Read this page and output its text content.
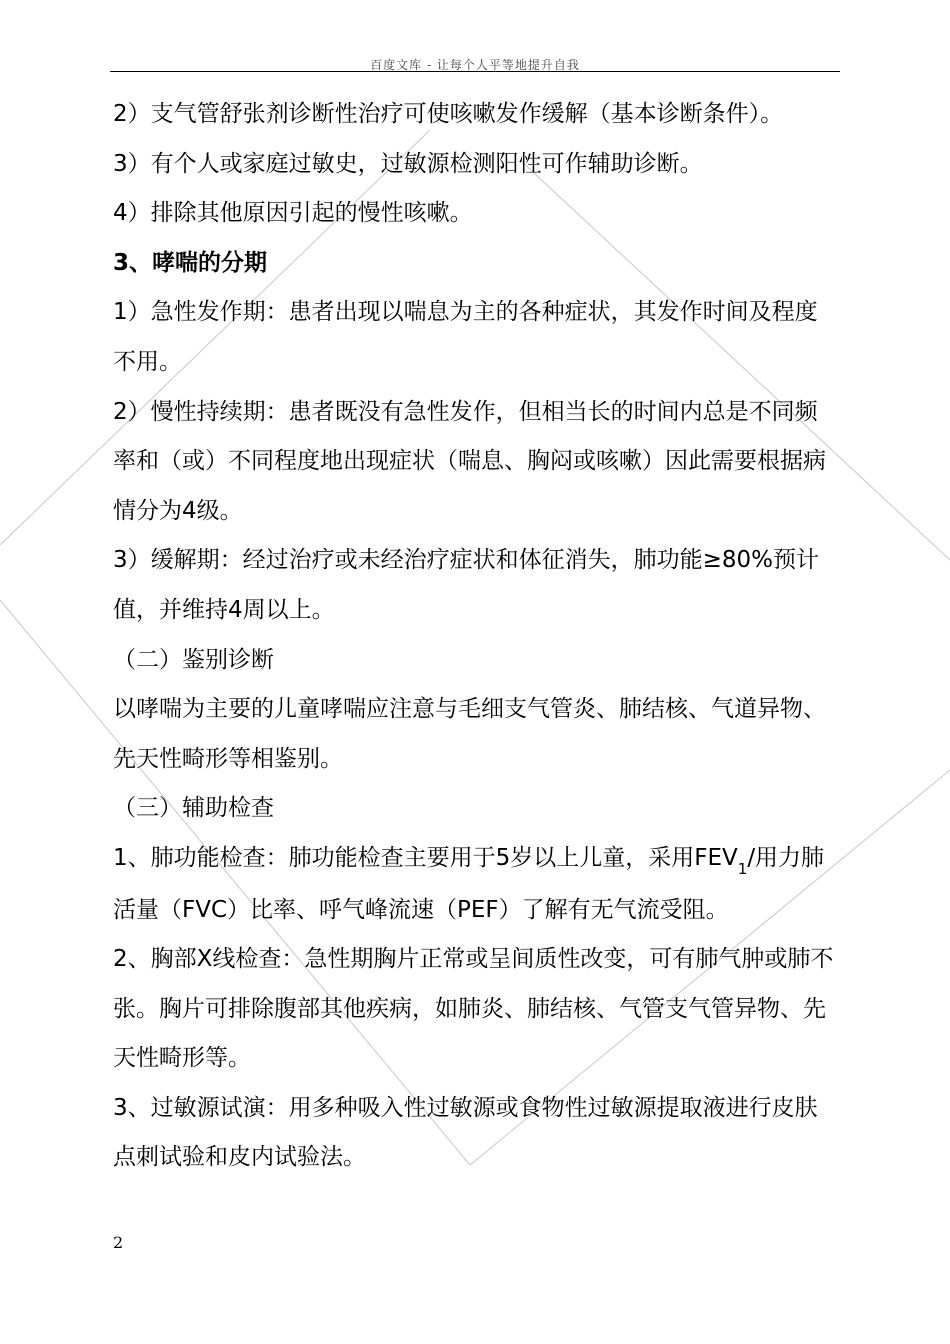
百度文库 - 让每个人平等地提升自我

2）支气管舒张剂诊断性治疗可使咳嗽发作缓解（基本诊断条件）。

3）有个人或家庭过敏史，过敏源检测阳性可作辅助诊断。

4）排除其他原因引起的慢性咳嗽。

3、哮喘的分期

1）急性发作期：患者出现以喘息为主的各种症状，其发作时间及程度不用。

2）慢性持续期：患者既没有急性发作，但相当长的时间内总是不同频率和（或）不同程度地出现症状（喘息、胸闷或咳嗽）因此需要根据病情分为4级。

3）缓解期：经过治疗或未经治疗症状和体征消失，肺功能≥80%预计值，并维持4周以上。

（二）鉴别诊断

以哮喘为主要的儿童哮喘应注意与毛细支气管炎、肺结核、气道异物、先天性畸形等相鉴别。

（三）辅助检查

1、肺功能检查：肺功能检查主要用于5岁以上儿童，采用$FEV_1/$用力肺活量（FVC）比率、呼气峰流速（PEF）了解有无气流受阻。

2、胸部X线检查：急性期胸片正常或呈间质性改变，可有肺气肿或肺不张。胸片可排除腹部其他疾病，如肺炎、肺结核、气管支气管异物、先天性畸形等。

3、过敏源试演：用多种吸入性过敏源或食物性过敏源提取液进行皮肤点刺试验和皮内试验法。

2
